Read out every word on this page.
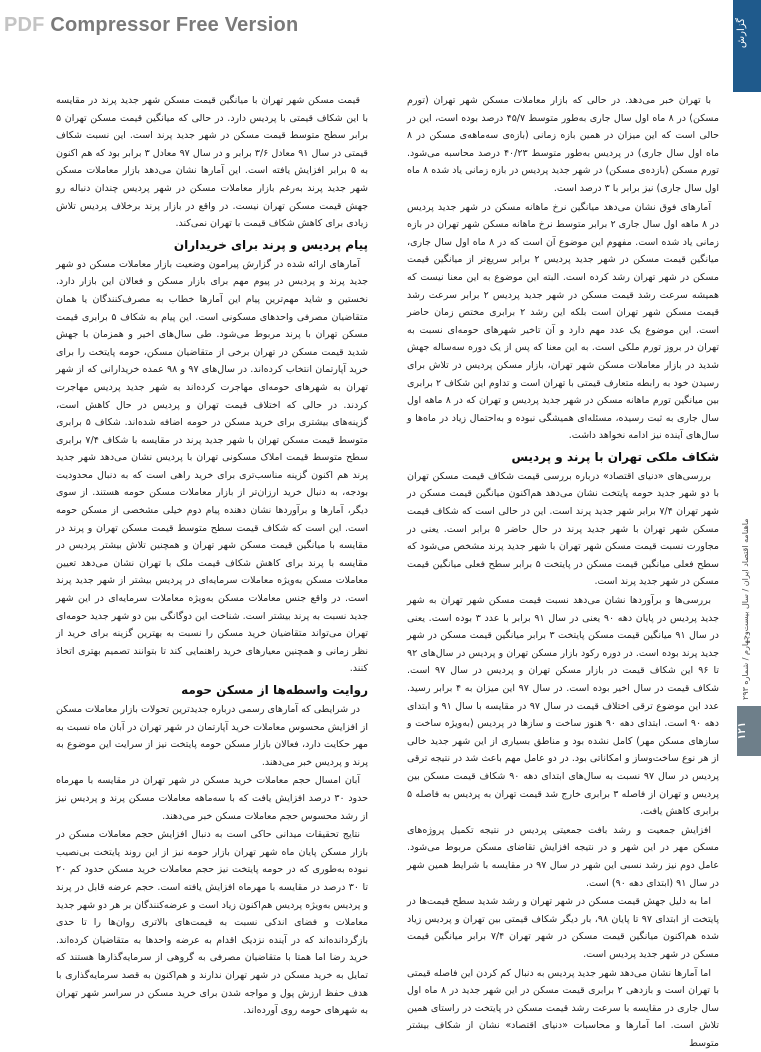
PDF Compressor Free Version	گزارش
ماهنامه اقتصاد ایران / سال بیست‌وچهارم / شماره ۲۹۳
۱۲۱

با تهران خبر می‌دهد. در حالی که بازار معاملات مسکن شهر تهران (تورم مسکن) در ۸ ماه اول سال جاری به‌طور متوسط ۴۵/۷ درصد بوده است، این در حالی است که این میزان در همین بازه زمانی (بازه‌ی سه‌ماهه‌ی مسکن در ۸ ماه اول سال جاری) در پردیس به‌طور متوسط ۴۰/۲۳ درصد محاسبه می‌شود. تورم مسکن (بازده‌ی مسکن) در شهر جدید پردیس در بازه زمانی یاد شده ۸ ماه اول سال جاری) نیز برابر با ۳ درصد است.

آمارهای فوق نشان می‌دهد میانگین نرخ ماهانه مسکن در شهر جدید پردیس در ۸ ماهه اول سال جاری ۲ برابر متوسط نرخ ماهانه مسکن شهر تهران در بازه زمانی یاد شده است. مفهوم این موضوع آن است که در ۸ ماه اول سال جاری، میانگین قیمت مسکن در شهر جدید پردیس ۲ برابر سریع‌تر از میانگین قیمت مسکن در شهر تهران رشد کرده است. البته این موضوع به این معنا نیست که همیشه سرعت رشد قیمت مسکن در شهر جدید پردیس ۲ برابر سرعت رشد قیمت مسکن شهر تهران است بلکه این رشد ۲ برابری مختص زمان حاضر است. این موضوع یک عدد مهم دارد و آن تاخیر شهرهای حومه‌ای نسبت به تهران در بروز تورم ملکی است. به این معنا که پس از یک دوره سه‌ساله جهش شدید در بازار معاملات مسکن شهر تهران، بازار مسکن پردیس در تلاش برای رسیدن خود به رابطه متعارف قیمتی با تهران است و تداوم این شکاف ۲ برابری بین میانگین تورم ماهانه مسکن در شهر جدید پردیس و تهران که در ۸ ماهه اول سال جاری به ثبت رسیده، مسئله‌ای همیشگی نبوده و به‌احتمال زیاد در ماه‌ها و سال‌های آینده نیز ادامه نخواهد داشت.

شکاف ملکی تهران با پرند و پردیس

بررسی‌های «دنیای اقتصاد» درباره بررسی قیمت شکاف قیمت مسکن تهران با دو شهر جدید حومه پایتخت نشان می‌دهد هم‌اکنون میانگین قیمت مسکن در شهر تهران ۷/۴ برابر شهر جدید پرند است. این در حالی است که شکاف قیمت مسکن شهر تهران با شهر جدید پرند در حال حاضر ۵ برابر است. یعنی در مجاورت نسبت قیمت مسکن شهر تهران با شهر جدید پرند مشخص می‌شود که سطح فعلی میانگین قیمت مسکن در پایتخت ۵ برابر سطح فعلی میانگین قیمت مسکن در شهر جدید پرند است.

بررسی‌ها و برآوردها نشان می‌دهد نسبت قیمت مسکن شهر تهران به شهر جدید پردیس در پایان دهه ۹۰ یعنی در سال ۹۱ برابر با عدد ۳ بوده است. یعنی در سال ۹۱ میانگین قیمت مسکن پایتخت ۳ برابر میانگین قیمت مسکن در شهر جدید پرند بوده است. در دوره رکود بازار مسکن تهران و پردیس در سال‌های ۹۲ تا ۹۶ این شکاف قیمت در بازار مسکن تهران و پردیس در سال ۹۷ است. شکاف قیمت در سال اخیر بوده است. در سال ۹۷ این میزان به ۴ برابر رسید. عدد این موضوع ترقی اختلاف قیمت در سال ۹۷ در مقایسه با سال ۹۱ و ابتدای دهه ۹۰ است. ابتدای دهه ۹۰ هنوز ساخت و سازها در پردیس (به‌ویژه ساخت و سازهای مسکن مهر) کامل نشده بود و مناطق بسیاری از این شهر جدید خالی از هر نوع ساخت‌وساز و امکاناتی بود. در دو عامل مهم باعث شد در نتیجه ترقی پردیس در سال ۹۷ نسبت به سال‌های ابتدای دهه ۹۰ شکاف قیمت مسکن بین پردیس و تهران از فاصله ۳ برابری خارج شد قیمت تهران به پردیس به فاصله ۵ برابری کاهش یافت.

افزایش جمعیت و رشد بافت جمعیتی پردیس در نتیجه تکمیل پروژه‌های مسکن مهر در این شهر و در نتیجه افزایش تقاضای مسکن مربوط می‌شود. عامل دوم نیز رشد نسبی این شهر در سال ۹۷ در مقایسه با شرایط همین شهر در سال ۹۱ (ابتدای دهه ۹۰) است.

اما به دلیل جهش قیمت مسکن در شهر تهران و رشد شدید سطح قیمت‌ها در پایتخت از ابتدای ۹۷ تا پایان ۹۸، بار دیگر شکاف قیمتی بین تهران و پردیس زیاد شده هم‌اکنون میانگین قیمت مسکن در شهر تهران ۷/۴ برابر میانگین قیمت مسکن در شهر جدید پردیس است.

اما آمارها نشان می‌دهد شهر جدید پردیس به دنبال کم کردن این فاصله قیمتی با تهران است و بازدهی ۲ برابری قیمت مسکن در این شهر جدید در ۸ ماه اول سال جاری در مقایسه با سرعت رشد قیمت مسکن در پایتخت در راستای همین تلاش است. اما آمارها و محاسبات «دنیای اقتصاد» نشان از شکاف بیشتر متوسط

قیمت مسکن شهر تهران با میانگین قیمت مسکن شهر جدید پرند در مقایسه با این شکاف قیمتی با پردیس دارد. در حالی که میانگین قیمت مسکن تهران ۵ برابر سطح متوسط قیمت مسکن در شهر جدید پرند است. این نسبت شکاف قیمتی در سال ۹۱ معادل ۳/۶ برابر و در سال ۹۷ معادل ۳ برابر بود که هم اکنون به ۵ برابر افزایش یافته است. این آمارها نشان می‌دهد بازار معاملات مسکن شهر جدید پرند به‌رغم بازار معاملات مسکن در شهر پردیس چندان دنباله رو جهش قیمت مسکن تهران نیست. در واقع در بازار پرند برخلاف پردیس تلاش زیادی برای کاهش شکاف قیمت با تهران نمی‌کند.

پیام پردیس و پرند برای خریداران

آمارهای ارائه شده در گزارش پیرامون وضعیت بازار معاملات مسکن دو شهر جدید پرند و پردیس در پیوم مهم برای بازار مسکن و فعالان این بازار دارد. نخستین و شاید مهم‌ترین پیام این آمارها خطاب به مصرف‌کنندگان یا همان متقاضیان مصرفی واحدهای مسکونی است. این پیام به شکاف ۵ برابری قیمت مسکن تهران با پرند مربوط می‌شود. طی سال‌های اخیر و همزمان با جهش شدید قیمت مسکن در تهران برخی از متقاضیان مسکن، حومه پایتخت را برای خرید آپارتمان انتخاب کرده‌اند. در سال‌های ۹۷ و ۹۸ عمده خریدارانی که از شهر تهران به شهرهای حومه‌ای مهاجرت کرده‌اند به شهر جدید پردیس مهاجرت کردند. در حالی که اختلاف قیمت تهران و پردیس در حال کاهش است، گزینه‌های بیشتری برای خرید مسکن در حومه اضافه شده‌اند. شکاف ۵ برابری متوسط قیمت مسکن تهران با شهر جدید پرند در مقایسه با شکاف ۷/۴ برابری سطح متوسط قیمت املاک مسکونی تهران با پردیس نشان می‌دهد شهر جدید پرند هم اکنون گزینه مناسب‌تری برای خرید راهی است که به دنبال محدودیت بودجه، به دنبال خرید ارزان‌تر از بازار معاملات مسکن حومه هستند. از سوی دیگر، آمارها و برآوردها نشان دهنده پیام دوم خیلی مشخصی از مسکن حومه است. این است که شکاف قیمت سطح متوسط قیمت مسکن تهران و پرند در مقایسه با میانگین قیمت مسکن شهر تهران و همچنین تلاش بیشتر پردیس در مقایسه با پرند برای کاهش شکاف قیمت ملک با تهران نشان می‌دهد تعیین معاملات مسکن به‌ویژه معاملات سرمایه‌ای در پردیس بیشتر از شهر جدید پرند است. در واقع جنس معاملات مسکن به‌ویژه معاملات سرمایه‌ای در این شهر جدید نسبت به پرند بیشتر است. شناخت این دوگانگی بین دو شهر جدید حومه‌ای تهران می‌تواند متقاضیان خرید مسکن را نسبت به بهترین گزینه برای خرید از نظر زمانی و همچنین معیارهای خرید راهنمایی کند تا بتوانند تصمیم بهتری اتخاذ کنند.

روایت واسطه‌ها از مسکن حومه

در شرایطی که آمارهای رسمی درباره جدیدترین تحولات بازار معاملات مسکن از افزایش محسوس معاملات خرید آپارتمان در شهر تهران در آبان ماه نسبت به مهر حکایت دارد، فعالان بازار مسکن حومه پایتخت نیز از سرایت این موضوع به پرند و پردیس خبر می‌دهند.

آبان امسال حجم معاملات خرید مسکن در شهر تهران در مقایسه با مهرماه حدود ۳۰ درصد افزایش یافت که با سه‌ماهه معاملات مسکن پرند و پردیس نیز از رشد محسوس حجم معاملات مسکن خبر می‌دهند.

نتایج تحقیقات میدانی حاکی است به دنبال افزایش حجم معاملات مسکن در بازار مسکن پایان ماه شهر تهران بازار حومه نیز از این روند پایتخت بی‌نصیب نبوده به‌طوری که در حومه پایتخت نیز حجم معاملات خرید مسکن حدود کم ۲۰ تا ۳۰ درصد در مقایسه با مهرماه افزایش یافته است. حجم عرضه قابل در پرند و پردیس به‌ویژه پردیس هم‌اکنون زیاد است و عرضه‌کنندگان بر هر دو شهر جدید معاملات و فضای اندکی نسبت به قیمت‌های بالاتری روان‌ها را تا حدی بازگردانده‌اند که در آینده نزدیک اقدام به عرضه واحدها به متقاضیان کرده‌اند. خرید رضا اما همتا با متقاضیان مصرفی به گروهی از سرمایه‌گذارها هستند که تمایل به خرید مسکن در شهر تهران ندارند و هم‌اکنون به قصد سرمایه‌گذاری با هدف حفظ ارزش پول و مواجه شدن برای خرید مسکن در سراسر شهر تهران به شهرهای حومه روی آورده‌اند.
